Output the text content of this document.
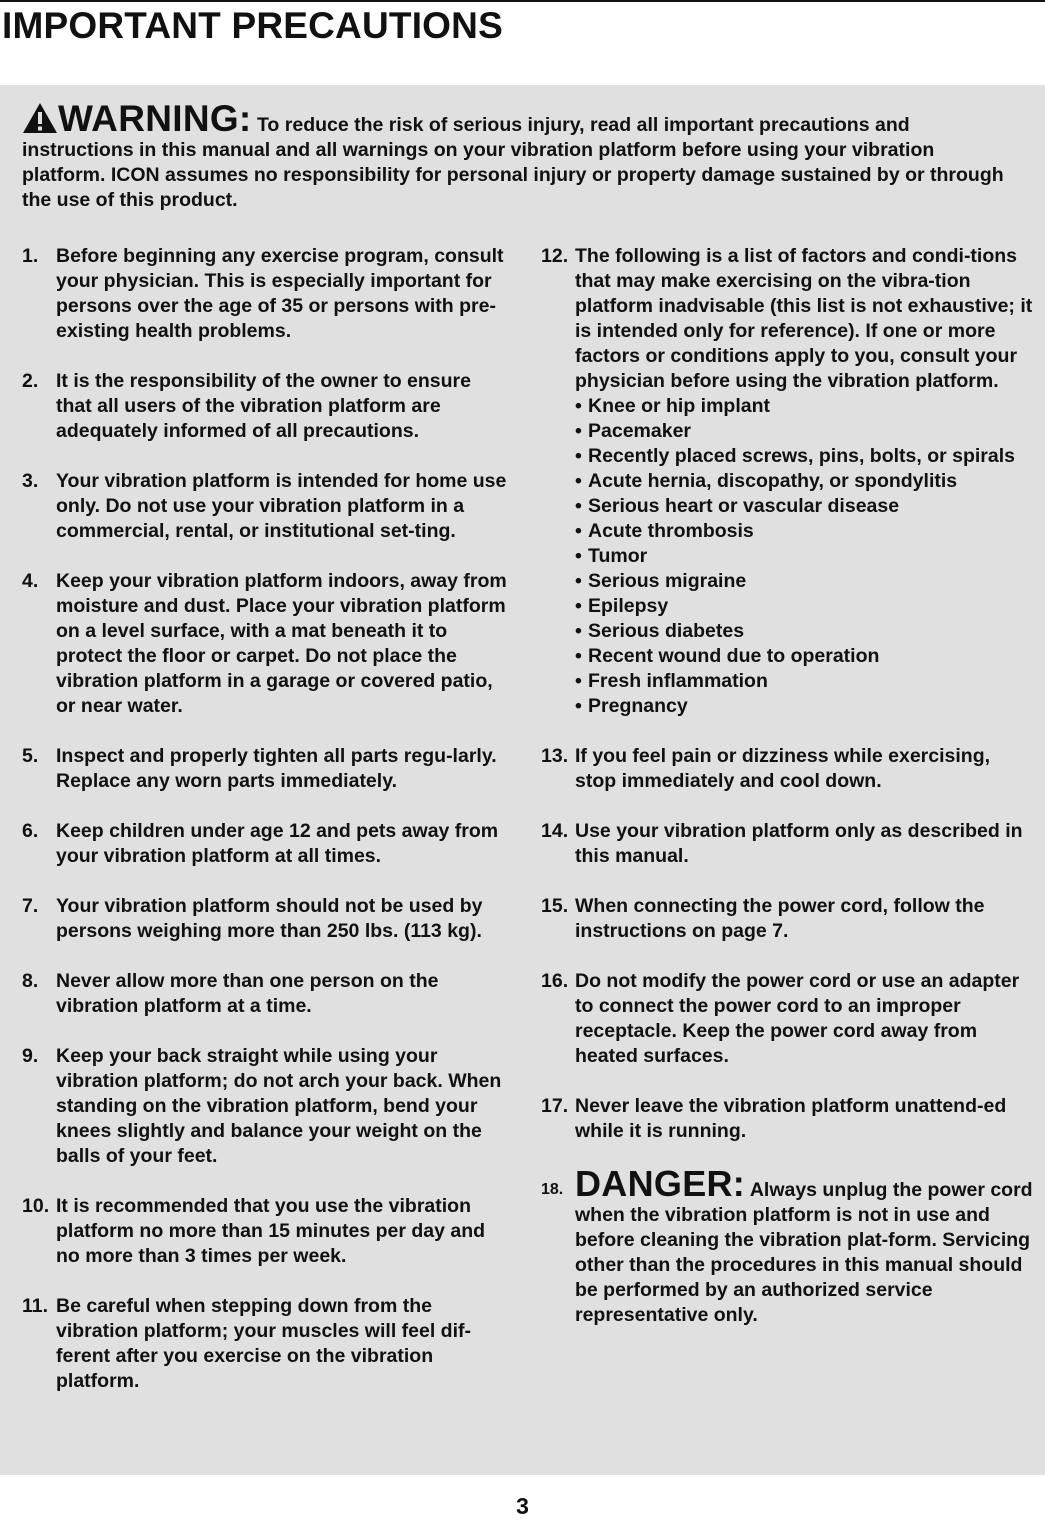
IMPORTANT PRECAUTIONS
WARNING: To reduce the risk of serious injury, read all important precautions and instructions in this manual and all warnings on your vibration platform before using your vibration platform. ICON assumes no responsibility for personal injury or property damage sustained by or through the use of this product.
1. Before beginning any exercise program, consult your physician. This is especially important for persons over the age of 35 or persons with pre-existing health problems.
2. It is the responsibility of the owner to ensure that all users of the vibration platform are adequately informed of all precautions.
3. Your vibration platform is intended for home use only. Do not use your vibration platform in a commercial, rental, or institutional set-ting.
4. Keep your vibration platform indoors, away from moisture and dust. Place your vibration platform on a level surface, with a mat beneath it to protect the floor or carpet. Do not place the vibration platform in a garage or covered patio, or near water.
5. Inspect and properly tighten all parts regu-larly. Replace any worn parts immediately.
6. Keep children under age 12 and pets away from your vibration platform at all times.
7. Your vibration platform should not be used by persons weighing more than 250 lbs. (113 kg).
8. Never allow more than one person on the vibration platform at a time.
9. Keep your back straight while using your vibration platform; do not arch your back. When standing on the vibration platform, bend your knees slightly and balance your weight on the balls of your feet.
10. It is recommended that you use the vibration platform no more than 15 minutes per day and no more than 3 times per week.
11. Be careful when stepping down from the vibration platform; your muscles will feel dif-ferent after you exercise on the vibration platform.
12. The following is a list of factors and condi-tions that may make exercising on the vibra-tion platform inadvisable (this list is not exhaustive; it is intended only for reference). If one or more factors or conditions apply to you, consult your physician before using the vibration platform.
• Knee or hip implant
• Pacemaker
• Recently placed screws, pins, bolts, or spirals
• Acute hernia, discopathy, or spondylitis
• Serious heart or vascular disease
• Acute thrombosis
• Tumor
• Serious migraine
• Epilepsy
• Serious diabetes
• Recent wound due to operation
• Fresh inflammation
• Pregnancy
13. If you feel pain or dizziness while exercising, stop immediately and cool down.
14. Use your vibration platform only as described in this manual.
15. When connecting the power cord, follow the instructions on page 7.
16. Do not modify the power cord or use an adapter to connect the power cord to an improper receptacle. Keep the power cord away from heated surfaces.
17. Never leave the vibration platform unattend-ed while it is running.
18. DANGER: Always unplug the power cord when the vibration platform is not in use and before cleaning the vibration plat-form. Servicing other than the procedures in this manual should be performed by an authorized service representative only.
3
